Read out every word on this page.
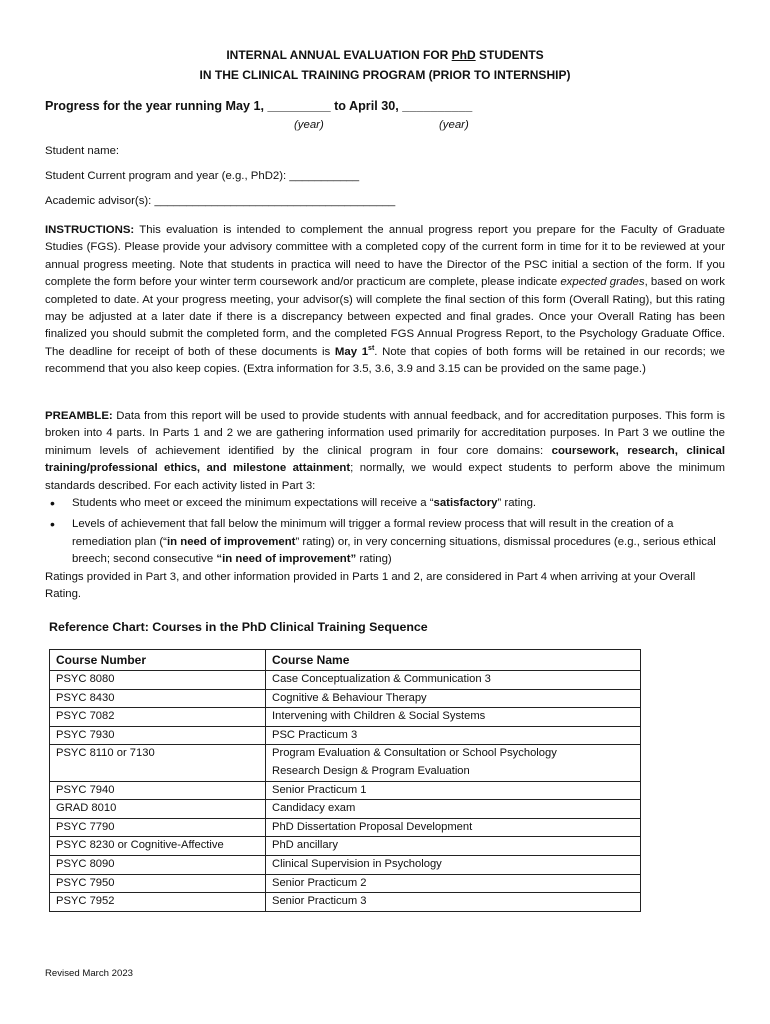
INTERNAL ANNUAL EVALUATION FOR PhD STUDENTS
IN THE CLINICAL TRAINING PROGRAM (PRIOR TO INTERNSHIP)
Progress for the year running May 1, _________ to April 30, __________
(year)	(year)
Student name:
Student Current program and year (e.g., PhD2): ___________
Academic advisor(s): ______________________________________
INSTRUCTIONS: This evaluation is intended to complement the annual progress report you prepare for the Faculty of Graduate Studies (FGS). Please provide your advisory committee with a completed copy of the current form in time for it to be reviewed at your annual progress meeting. Note that students in practica will need to have the Director of the PSC initial a section of the form. If you complete the form before your winter term coursework and/or practicum are complete, please indicate expected grades, based on work completed to date. At your progress meeting, your advisor(s) will complete the final section of this form (Overall Rating), but this rating may be adjusted at a later date if there is a discrepancy between expected and final grades. Once your Overall Rating has been finalized you should submit the completed form, and the completed FGS Annual Progress Report, to the Psychology Graduate Office. The deadline for receipt of both of these documents is May 1st. Note that copies of both forms will be retained in our records; we recommend that you also keep copies. (Extra information for 3.5, 3.6, 3.9 and 3.15 can be provided on the same page.)
PREAMBLE: Data from this report will be used to provide students with annual feedback, and for accreditation purposes. This form is broken into 4 parts. In Parts 1 and 2 we are gathering information used primarily for accreditation purposes. In Part 3 we outline the minimum levels of achievement identified by the clinical program in four core domains: coursework, research, clinical training/professional ethics, and milestone attainment; normally, we would expect students to perform above the minimum standards described. For each activity listed in Part 3:
• Students who meet or exceed the minimum expectations will receive a “satisfactory” rating.
• Levels of achievement that fall below the minimum will trigger a formal review process that will result in the creation of a remediation plan (“in need of improvement” rating) or, in very concerning situations, dismissal procedures (e.g., serious ethical breech; second consecutive “in need of improvement” rating)
Ratings provided in Part 3, and other information provided in Parts 1 and 2, are considered in Part 4 when arriving at your Overall Rating.
Reference Chart: Courses in the PhD Clinical Training Sequence
Course Number	Course Name
PSYC 8080	Case Conceptualization & Communication 3
PSYC 8430	Cognitive & Behaviour Therapy
PSYC 7082	Intervening with Children & Social Systems
PSYC 7930	PSC Practicum 3
PSYC 8110 or 7130	Program Evaluation & Consultation or School Psychology
Research Design & Program Evaluation

PSYC 7940	Senior Practicum 1
GRAD 8010	Candidacy exam
PSYC 7790	PhD Dissertation Proposal Development
PSYC 8230 or Cognitive-Affective	PhD ancillary
PSYC 8090	Clinical Supervision in Psychology
PSYC 7950	Senior Practicum 2
PSYC 7952	Senior Practicum 3
Revised March 2023
